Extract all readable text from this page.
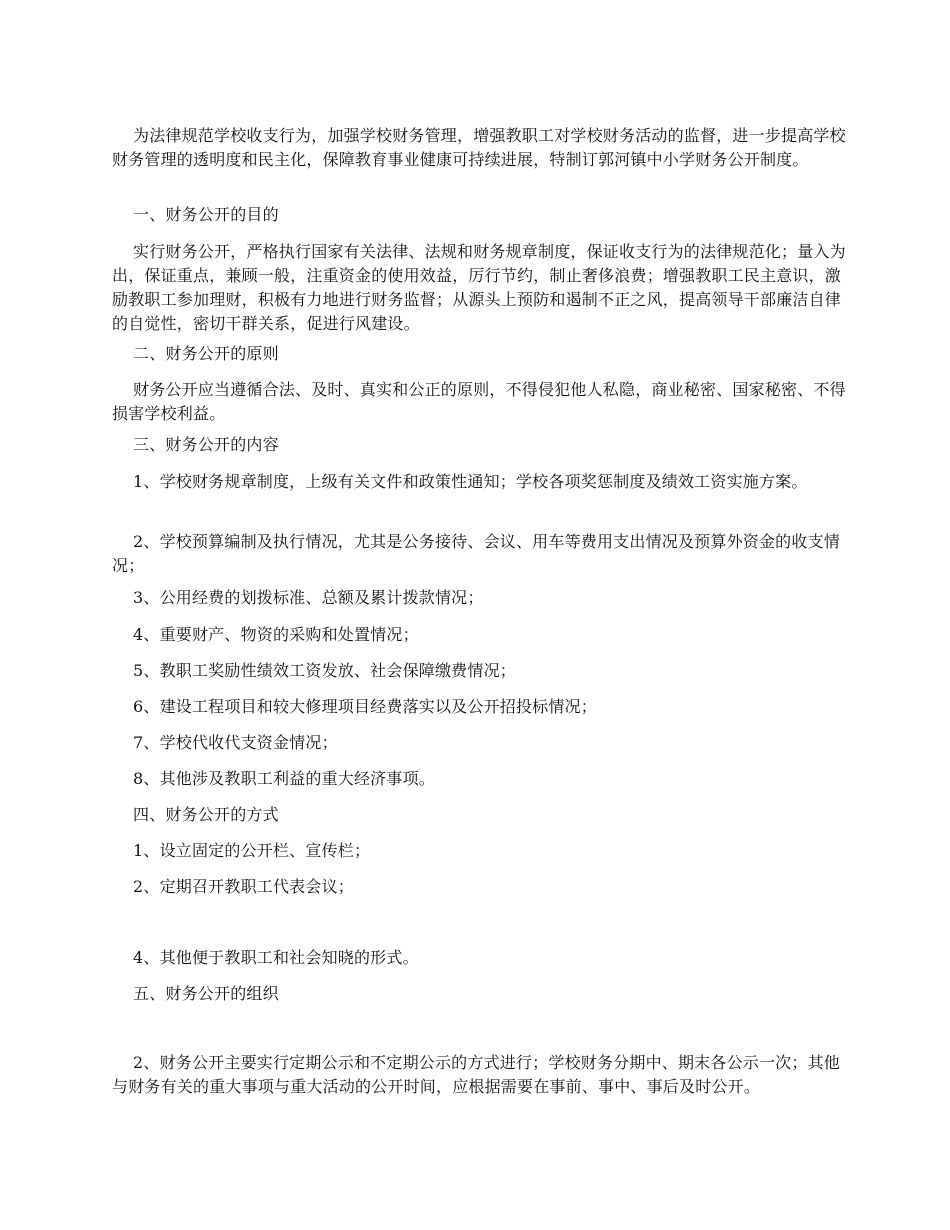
为法律规范学校收支行为，加强学校财务管理，增强教职工对学校财务活动的监督，进一步提高学校财务管理的透明度和民主化，保障教育事业健康可持续进展，特制订郭河镇中小学财务公开制度。

一、财务公开的目的

实行财务公开，严格执行国家有关法律、法规和财务规章制度，保证收支行为的法律规范化；量入为出，保证重点，兼顾一般，注重资金的使用效益，厉行节约，制止奢侈浪费；增强教职工民主意识，激励教职工参加理财，积极有力地进行财务监督；从源头上预防和遏制不正之风，提高领导干部廉洁自律的自觉性，密切干群关系，促进行风建设。

二、财务公开的原则

财务公开应当遵循合法、及时、真实和公正的原则，不得侵犯他人私隐，商业秘密、国家秘密、不得损害学校利益。

三、财务公开的内容

1、学校财务规章制度，上级有关文件和政策性通知；学校各项奖惩制度及绩效工资实施方案。

2、学校预算编制及执行情况，尤其是公务接待、会议、用车等费用支出情况及预算外资金的收支情况；

3、公用经费的划拨标准、总额及累计拨款情况；

4、重要财产、物资的采购和处置情况；

5、教职工奖励性绩效工资发放、社会保障缴费情况；

6、建设工程项目和较大修理项目经费落实以及公开招投标情况；

7、学校代收代支资金情况；

8、其他涉及教职工利益的重大经济事项。

四、财务公开的方式

1、设立固定的公开栏、宣传栏；

2、定期召开教职工代表会议；

4、其他便于教职工和社会知晓的形式。

五、财务公开的组织

2、财务公开主要实行定期公示和不定期公示的方式进行；学校财务分期中、期末各公示一次；其他与财务有关的重大事项与重大活动的公开时间，应根据需要在事前、事中、事后及时公开。
